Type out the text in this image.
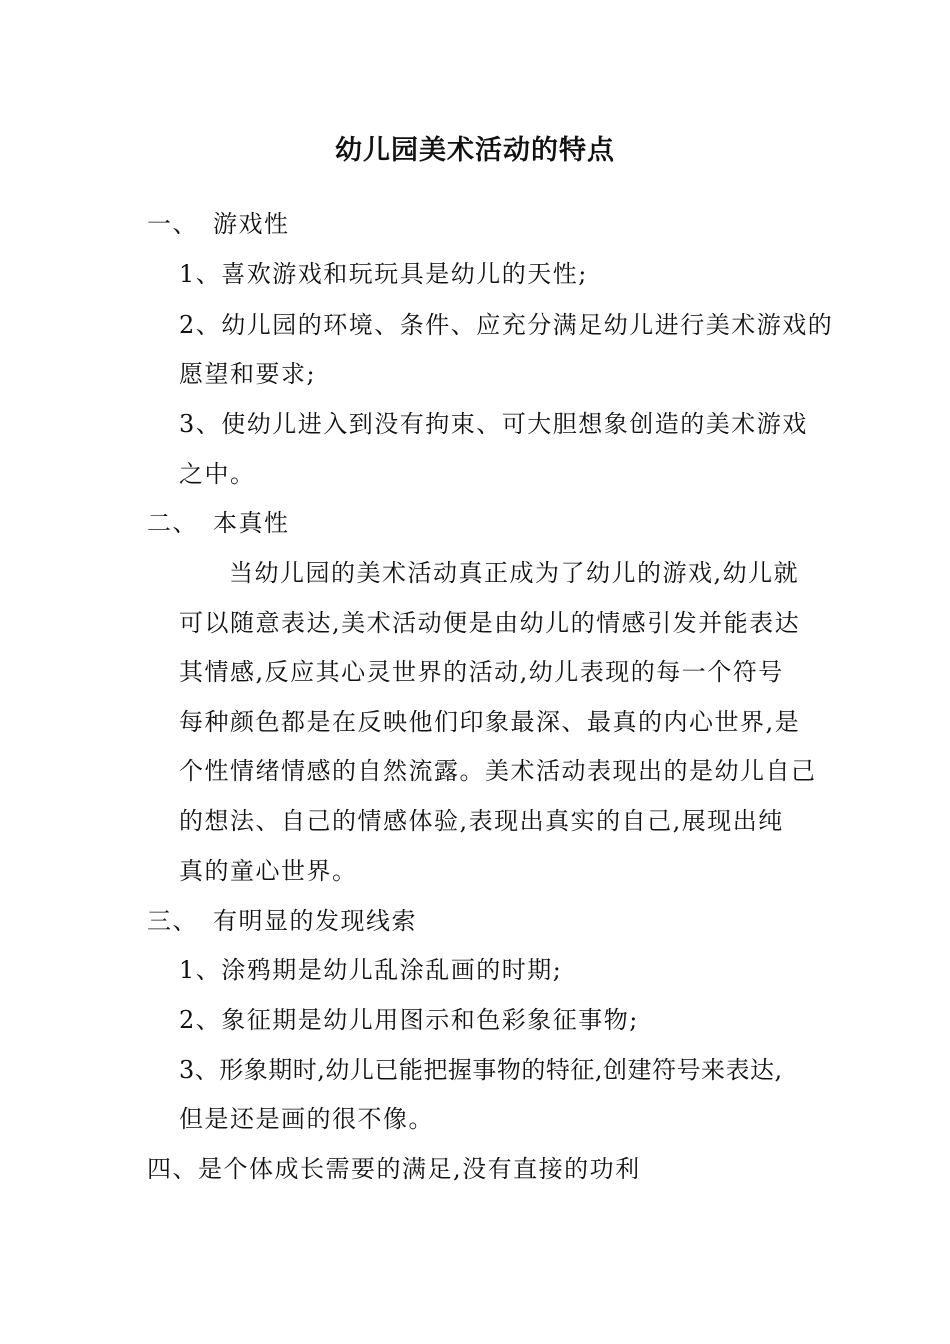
幼儿园美术活动的特点
一、 游戏性
1、喜欢游戏和玩玩具是幼儿的天性;
2、幼儿园的环境、条件、应充分满足幼儿进行美术游戏的
愿望和要求;
3、使幼儿进入到没有拘束、可大胆想象创造的美术游戏
之中。
二、 本真性
当幼儿园的美术活动真正成为了幼儿的游戏,幼儿就
可以随意表达,美术活动便是由幼儿的情感引发并能表达
其情感,反应其心灵世界的活动,幼儿表现的每一个符号
每种颜色都是在反映他们印象最深、最真的内心世界,是
个性情绪情感的自然流露。美术活动表现出的是幼儿自己
的想法、自己的情感体验,表现出真实的自己,展现出纯
真的童心世界。
三、 有明显的发现线索
1、涂鸦期是幼儿乱涂乱画的时期;
2、象征期是幼儿用图示和色彩象征事物;
3、形象期时,幼儿已能把握事物的特征,创建符号来表达,
但是还是画的很不像。
四、是个体成长需要的满足,没有直接的功利
